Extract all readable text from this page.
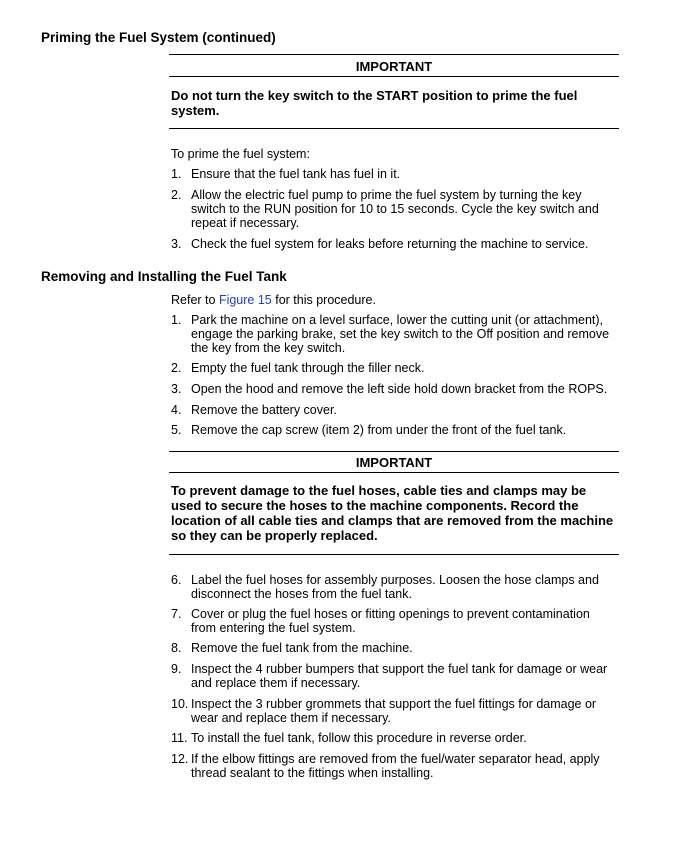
Priming the Fuel System (continued)
IMPORTANT

Do not turn the key switch to the START position to prime the fuel system.

To prime the fuel system:

1. Ensure that the fuel tank has fuel in it.
2. Allow the electric fuel pump to prime the fuel system by turning the key switch to the RUN position for 10 to 15 seconds. Cycle the key switch and repeat if necessary.
3. Check the fuel system for leaks before returning the machine to service.
Removing and Installing the Fuel Tank

Refer to Figure 15 for this procedure.

1. Park the machine on a level surface, lower the cutting unit (or attachment), engage the parking brake, set the key switch to the Off position and remove the key from the key switch.
2. Empty the fuel tank through the filler neck.
3. Open the hood and remove the left side hold down bracket from the ROPS.
4. Remove the battery cover.
5. Remove the cap screw (item 2) from under the front of the fuel tank.
IMPORTANT

To prevent damage to the fuel hoses, cable ties and clamps may be used to secure the hoses to the machine components. Record the location of all cable ties and clamps that are removed from the machine so they can be properly replaced.

6. Label the fuel hoses for assembly purposes. Loosen the hose clamps and disconnect the hoses from the fuel tank.
7. Cover or plug the fuel hoses or fitting openings to prevent contamination from entering the fuel system.
8. Remove the fuel tank from the machine.
9. Inspect the 4 rubber bumpers that support the fuel tank for damage or wear and replace them if necessary.
10. Inspect the 3 rubber grommets that support the fuel fittings for damage or wear and replace them if necessary.
11. To install the fuel tank, follow this procedure in reverse order.
12. If the elbow fittings are removed from the fuel/water separator head, apply thread sealant to the fittings when installing.
